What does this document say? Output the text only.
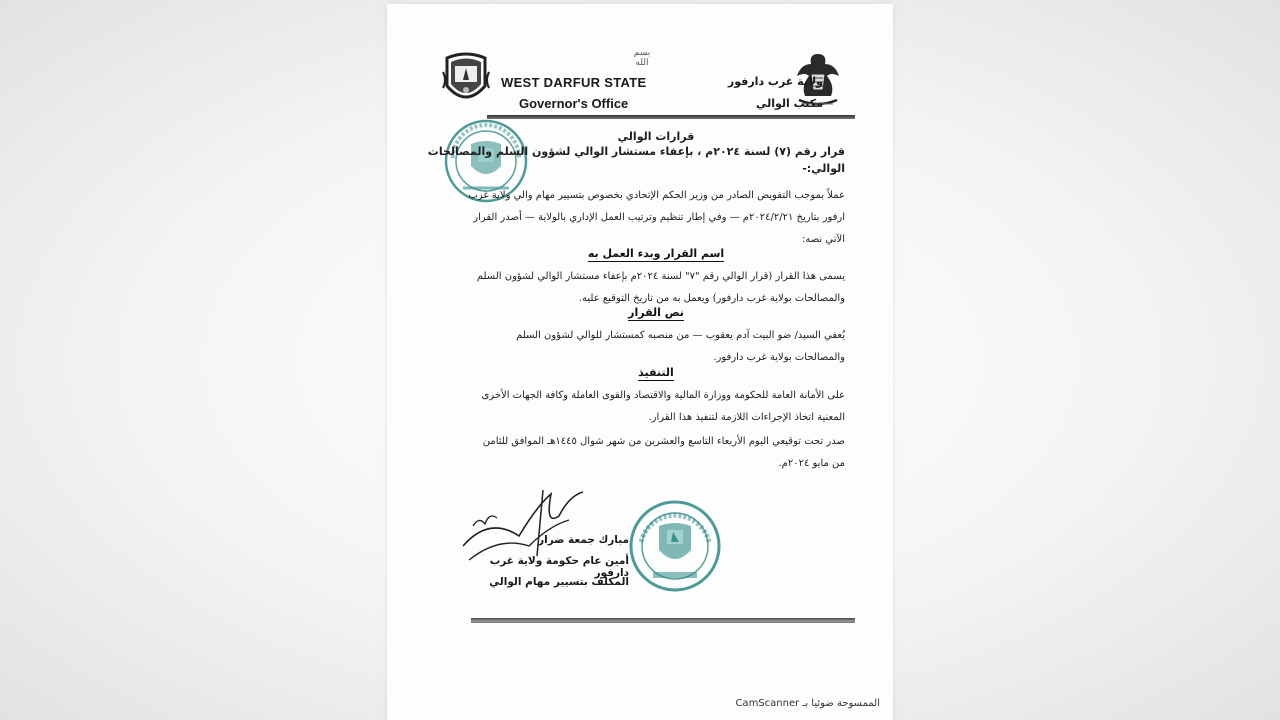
بسم الله
WEST DARFUR STATE
Governor's Office
ولاية غرب دارفور
مكتب الوالي
قرارات الوالي
قرار رقم (٧) لسنة ٢٠٢٤م ، بإعفاء مستشار الوالي لشؤون السلم والمصالحات
الوالي:-
عملاً بموجب التفويض الصادر من وزير الحكم الإتحادي بخصوص بتسيير مهام والي ولاية غرب ارفور بتاريخ ٢٠٢٤/٢/٢١م — وفي إطار تنظيم وترتيب العمل الإداري بالولاية — أصدر القرار الآتي نصه:
اسم القرار وبدء العمل به
يسمى هذا القرار (قرار الوالي رقم "٧" لسنة ٢٠٢٤م بإعفاء مستشار الوالي لشؤون السلم والمصالحات بولاية غرب دارفور) ويعمل به من تاريخ التوقيع عليه.
نص القرار
يُعفي السيد/ ضو البيت آدم يعقوب — من منصبه كمستشار للوالي لشؤون السلم والمصالحات بولاية غرب دارفور.
التنفيذ
على الأمانة العامة للحكومة ووزارة المالية والاقتصاد والقوى العاملة وكافة الجهات الأخرى المعنية اتخاذ الإجراءات اللازمة لتنفيذ هذا القرار.
صدر تحت توقيعي اليوم الأربعاء التاسع والعشرين من شهر شوال ١٤٤٥هـ الموافق للثامن من مايو ٢٠٢٤م.
مبارك جمعة ضرار
أمين عام حكومة ولاية غرب دارفور
المكلف بتسيير مهام الوالي
الممسوحة ضوئيا بـ CamScanner
